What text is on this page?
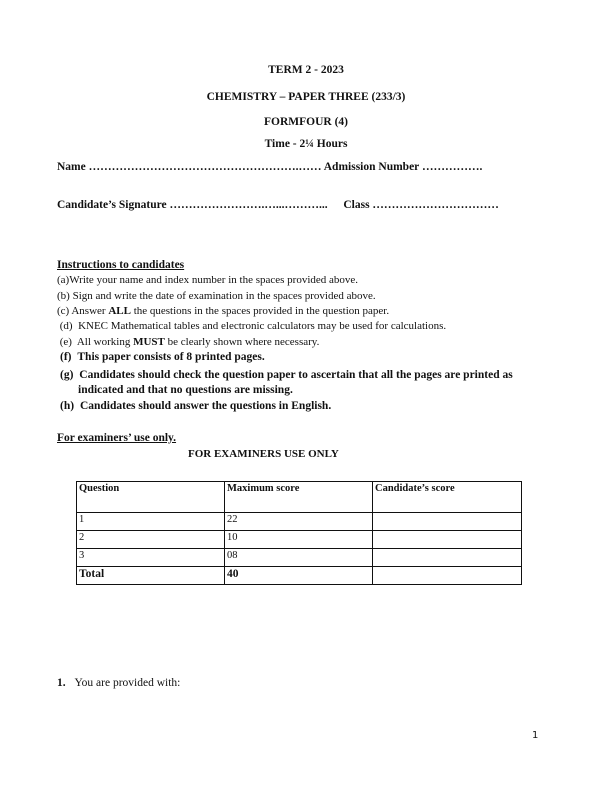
TERM 2 - 2023
CHEMISTRY – PAPER THREE (233/3)
FORMFOUR (4)
Time - 2¼ Hours
Name ……………………………………………….…… Admission Number …………….
Candidate’s Signature …………………….…...………... Class ……………………………
Instructions to candidates
(a)Write your name and index number in the spaces provided above.
(b) Sign and write the date of examination in the spaces provided above.
(c) Answer ALL the questions in the spaces provided in the question paper.
(d)  KNEC Mathematical tables and electronic calculators may be used for calculations.
(e)  All working MUST be clearly shown where necessary.
(f) This paper consists of 8 printed pages.
(g) Candidates should check the question paper to ascertain that all the pages are printed as
indicated and that no questions are missing.
(h) Candidates should answer the questions in English.
For examiners’ use only.
FOR EXAMINERS USE ONLY
Question	Maximum score	Candidate’s score
1	22	
2	10	
3	08	
Total	40	
1. You are provided with:
1
